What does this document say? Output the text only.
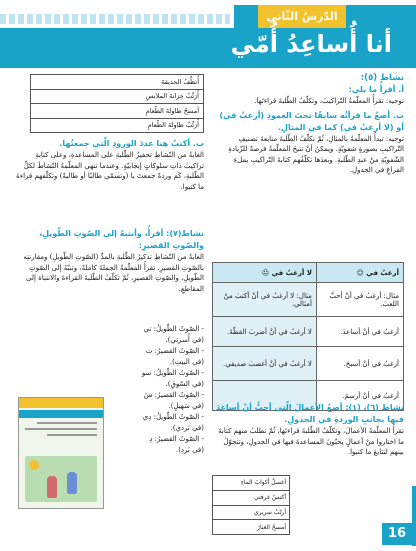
الدّرسُ الثّاني
أنا أُساعِدُ أُمّي
أُنظِّفُ الحديقةَ
أُرَتِّبُ خِزانةَ الملابسِ
أمسحُ طاولةَ الطّعامِ
أُرَتِّبُ طاولةَ الطّعامِ

ب. أكتبُ هنا عددَ الورودِ الّتي جمعتُها.

الغايةُ من النّشاطِ تحفيزُ الطّلبةِ على المساعدةِ، وعلى كتابةِ تراكيبَ ذاتِ سلوكاتٍ إيجابيّةٍ. وعندما تنهي المعلّمةُ النّشاطَ لكلِّ الطّلبةِ، كَم وردةً جمعتَ يا (وتسمّي طالبًا أو طالبةً) وتكلّفهم قراءةَ ما كتبوا.

نشاط(٧): أقرأُ، وأنتبهُ إلى الصّوتِ الطّويلِ، والصّوتِ القصيرِ:

الغايةُ من النّشاطِ تذكيرُ الطّلبةِ بالمدِّ (الصّوتِ الطّويلِ) ومقارنتِه بالصّوتِ القصيرِ. تقرأُ المعلّمةُ الجملةَ كاملةً، وتنبّهُ إلى الصّوتِ الطّويلِ، والصّوتِ القصيرِ، ثُمّ تكلّفُ الطّلبةَ القراءةَ والانتباهَ إلى المقاطعِ.

- الصّوتُ الطّويلُ: تي

(في أُسرتي).

- الصّوتُ القصيرُ: ت

(في البيتِ).

- الصّوتُ الطّويلُ: سو

(في السّوقِ).

- الصّوتُ القصيرُ: سَ

(في سَهيلٍ).

- الصّوتُ الطّويلُ: دِي

(في بَردي).

- الصّوتُ القصيرُ: دِ

(في بَردِ).

نشاط (٥):

أ. أقرأُ ما يلي:

توجيه: تقرأُ المعلّمةُ التّراكيبَ، وتكلّفُ الطّلبةَ قراءتَها.

ب. أضعُ ما قرأتُه سابقًا تحتَ العمودِ (أرغبُ في) أو (لا أرغبُ في) كما في المثالِ.

توجيه: تبدأُ المعلّمةُ بالمثالِ، ثُمّ تكلّفُ الطّلبةَ متابعةَ تصنيفِ التّراكيبِ بصورةٍ شفويّةٍ. ويمكنُ أنْ تتيحَ المعلّمةُ فرصةً للزّيادةِ الشّفويّةِ منْ عندِ الطّلبةِ. وبعدَها تكلّفُهم كتابةَ التّراكيبِ بملءِ الفراغِ في الجدولِ.

لا أرغبُ في ☹	أرغبُ في ☺
مثال: لا أرغبُ في أنْ أكتبَ منْ أمثالي.	مثال: أرغبُ في أنْ أحبَّ اللعبَ.
لا أرغبُ في أنْ أضربَ القطّةَ.	أرغبُ في أنْ أساعدَ.
لا أرغبُ في أنْ أغضبَ صديقي.	أرغبُ في أنْ أسبحَ.
	أرغبُ في أنْ أرسمَ.

نشاط (٦)، (١): أضعُ الأعمالَ الّتي أحبُّ أنْ أساعدَ فيها بجانبِ الوردةِ في الجدولِ.

تقرأُ المعلّمةُ الأعمالَ، وتكلّفُ الطّلبةَ قراءتَها، ثُمّ تطلبُ منهم كتابةَ ما اختاروا منْ أعمالٍ يحبّونَ المساعدةَ فيها في الجدولِ، وتتجوّلُ بينهم لتتابعَ ما كتبوا.

أغسلُ أكوابَ الماءِ
أكنسُ غرفتي
أرتّبُ سريري
أمسحُ الغبارَ	16
